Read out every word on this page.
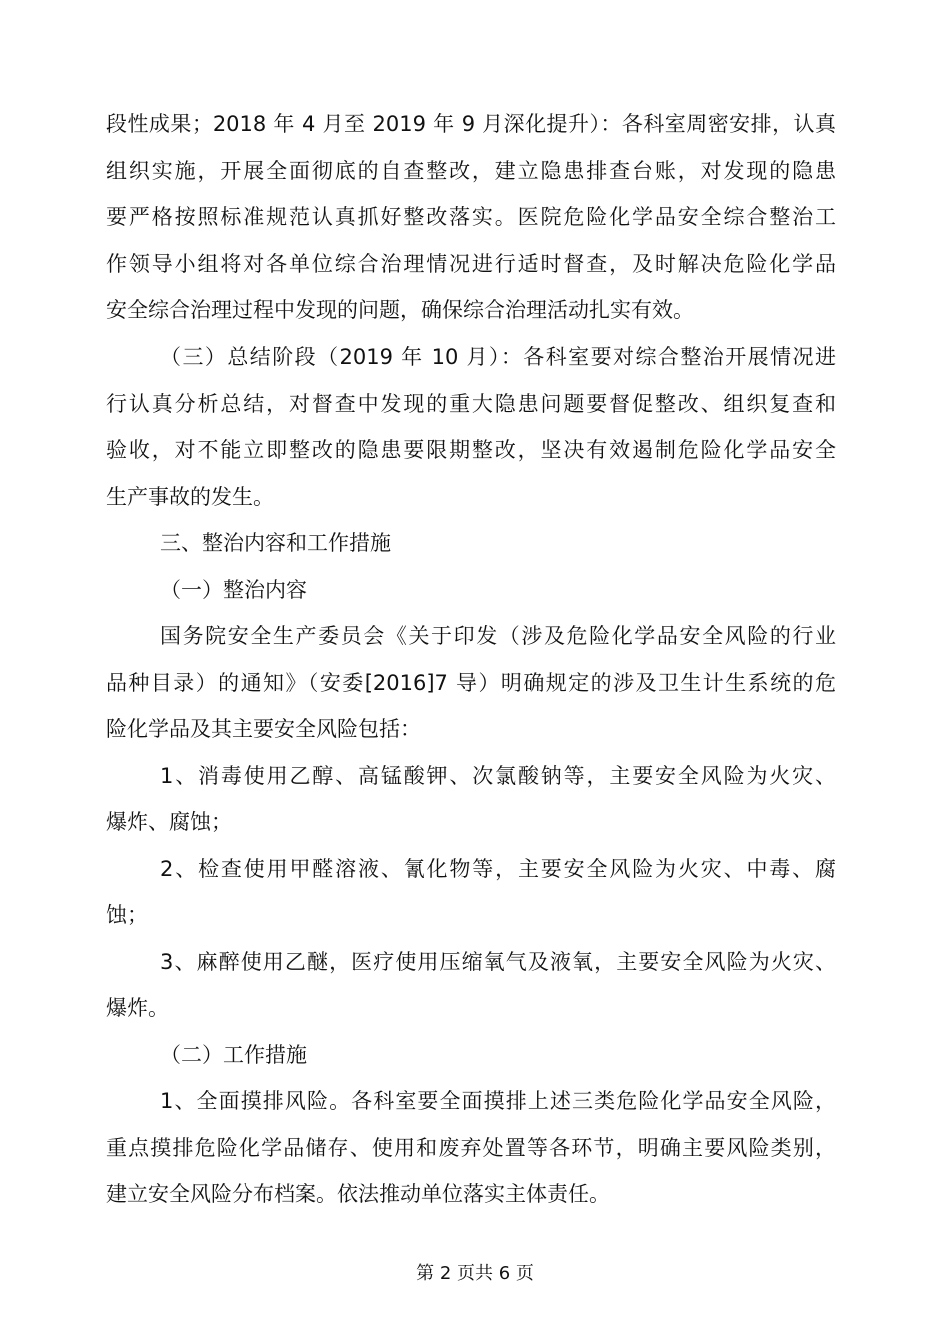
段性成果；2018 年 4 月至 2019 年 9 月深化提升）：各科室周密安排，认真
组织实施，开展全面彻底的自查整改，建立隐患排查台账，对发现的隐患
要严格按照标准规范认真抓好整改落实。医院危险化学品安全综合整治工
作领导小组将对各单位综合治理情况进行适时督查，及时解决危险化学品
安全综合治理过程中发现的问题，确保综合治理活动扎实有效。
（三）总结阶段（2019 年 10 月）：各科室要对综合整治开展情况进
行认真分析总结，对督查中发现的重大隐患问题要督促整改、组织复查和
验收，对不能立即整改的隐患要限期整改，坚决有效遏制危险化学品安全
生产事故的发生。
三、整治内容和工作措施
（一）整治内容
国务院安全生产委员会《关于印发（涉及危险化学品安全风险的行业
品种目录）的通知》（安委[2016]7 导）明确规定的涉及卫生计生系统的危
险化学品及其主要安全风险包括：
1、消毒使用乙醇、高锰酸钾、次氯酸钠等，主要安全风险为火灾、
爆炸、腐蚀；
2、检查使用甲醛溶液、氰化物等，主要安全风险为火灾、中毒、腐
蚀；
3、麻醉使用乙醚，医疗使用压缩氧气及液氧，主要安全风险为火灾、
爆炸。
（二）工作措施
1、全面摸排风险。各科室要全面摸排上述三类危险化学品安全风险，
重点摸排危险化学品储存、使用和废弃处置等各环节，明确主要风险类别，
建立安全风险分布档案。依法推动单位落实主体责任。
第 2 页共 6 页
